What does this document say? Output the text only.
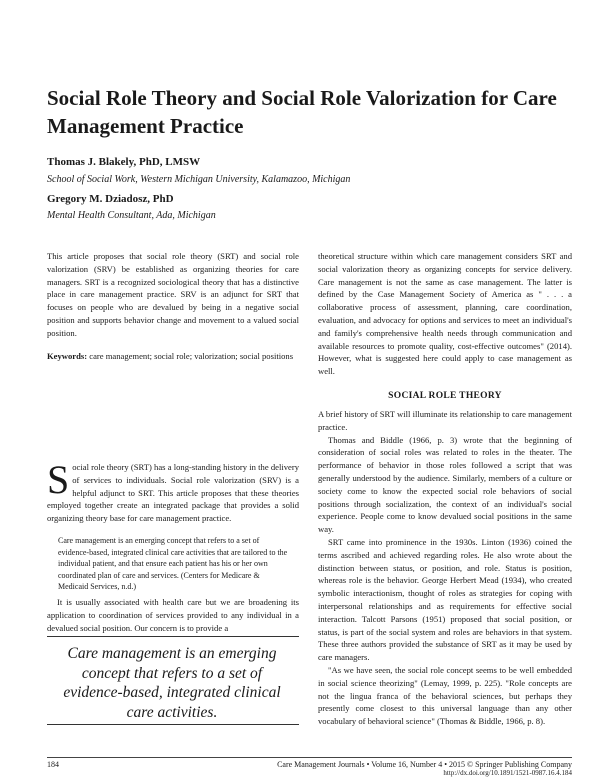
Social Role Theory and Social Role Valorization for Care Management Practice
Thomas J. Blakely, PhD, LMSW
School of Social Work, Western Michigan University, Kalamazoo, Michigan
Gregory M. Dziadosz, PhD
Mental Health Consultant, Ada, Michigan
This article proposes that social role theory (SRT) and social role valorization (SRV) be established as organizing theories for care managers. SRT is a recognized sociological theory that has a distinctive place in care management practice. SRV is an adjunct for SRT that focuses on people who are devalued by being in a negative social position and supports behavior change and movement to a valued social position.
Keywords: care management; social role; valorization; social positions
Social role theory (SRT) has a long-standing history in the delivery of services to individuals. Social role valorization (SRV) is a helpful adjunct to SRT. This article proposes that these theories employed together create an integrated package that provides a solid organizing theory base for care management practice.
Care management is an emerging concept that refers to a set of evidence-based, integrated clinical care activities that are tailored to the individual patient, and that ensure each patient has his or her own coordinated plan of care and services. (Centers for Medicare & Medicaid Services, n.d.)
It is usually associated with health care but we are broadening its application to coordination of services provided to any individual in a devalued social position. Our concern is to provide a
Care management is an emerging concept that refers to a set of evidence-based, integrated clinical care activities.
theoretical structure within which care management considers SRT and social valorization theory as organizing concepts for service delivery. Care management is not the same as case management. The latter is defined by the Case Management Society of America as " . . . a collaborative process of assessment, planning, care coordination, evaluation, and advocacy for options and services to meet an individual's and family's comprehensive health needs through communication and available resources to promote quality, cost-effective outcomes" (2014). However, what is suggested here could apply to case management as well.
SOCIAL ROLE THEORY

A brief history of SRT will illuminate its relationship to care management practice.

Thomas and Biddle (1966, p. 3) wrote that the beginning of consideration of social roles was related to roles in the theater. The performance of behavior in those roles followed a script that was generally understood by the audience. Similarly, members of a culture or society come to know the expected social role behaviors of social positions through socialization, the context of an individual's social experience. People come to know devalued social positions in the same way.

SRT came into prominence in the 1930s. Linton (1936) coined the terms ascribed and achieved regarding roles. He also wrote about the distinction between status, or position, and role. Status is position, whereas role is the behavior. George Herbert Mead (1934), who created symbolic interactionism, thought of roles as strategies for coping with interpersonal relationships and as requirements for effective social interaction. Talcott Parsons (1951) proposed that social position, or status, is part of the social system and roles are behaviors in that system. These three authors provided the substance of SRT as it may be used by care managers.

"As we have seen, the social role concept seems to be well embedded in social science theorizing" (Lemay, 1999, p. 225). "Role concepts are not the lingua franca of the behavioral sciences, but perhaps they presently come closest to this universal language than any other vocabulary of behavioral science" (Thomas & Biddle, 1966, p. 8).

184	Care Management Journals • Volume 16, Number 4 • 2015 © Springer Publishing Company
http://dx.doi.org/10.1891/1521-0987.16.4.184
